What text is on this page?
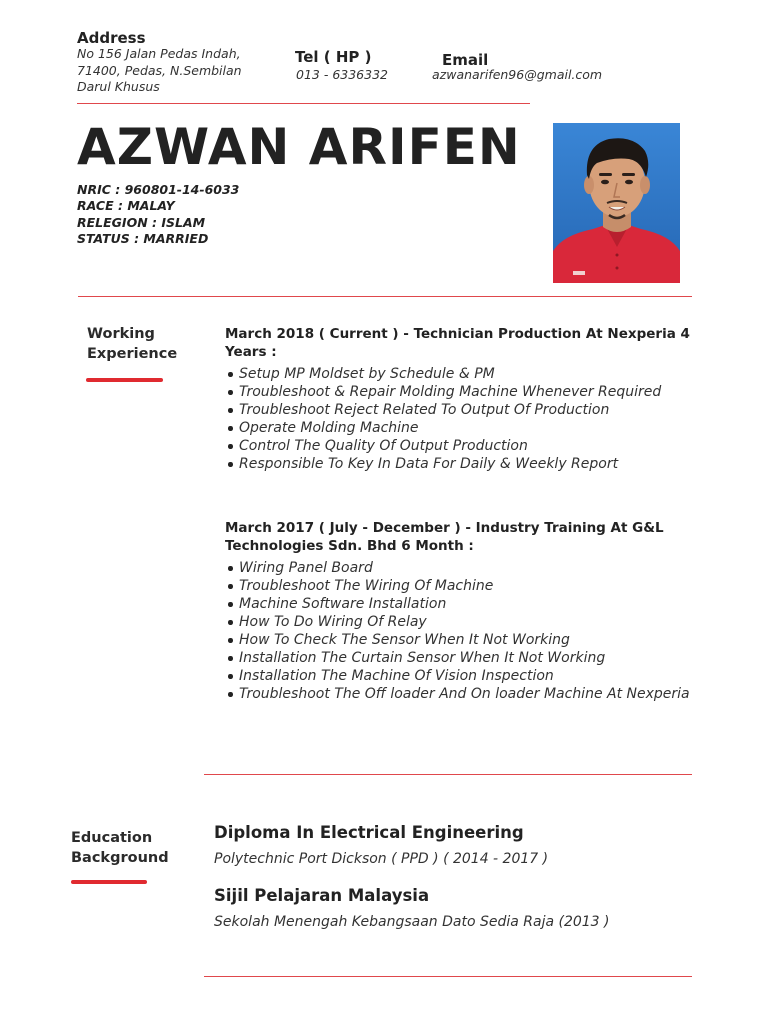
Address
No 156 Jalan Pedas Indah,
71400, Pedas, N.Sembilan
Darul Khusus
Tel ( HP )
013 - 6336332
Email
azwanarifen96@gmail.com
AZWAN ARIFEN
NRIC : 960801-14-6033
RACE : MALAY
RELEGION : ISLAM
STATUS : MARRIED
Working
Experience
March 2018 ( Current ) - Technician Production At Nexperia 4 Years :
Setup MP Moldset by Schedule & PM
Troubleshoot & Repair Molding Machine Whenever Required
Troubleshoot Reject Related To Output Of Production
Operate Molding Machine
Control The Quality Of Output Production
Responsible To Key In Data For Daily & Weekly Report
March 2017 ( July - December ) - Industry Training At G&L Technologies Sdn. Bhd 6 Month :
Wiring Panel Board
Troubleshoot The Wiring Of Machine
Machine Software Installation
How To Do Wiring Of Relay
How To Check The Sensor When It Not Working
Installation The Curtain Sensor When It Not Working
Installation The Machine Of Vision Inspection
Troubleshoot The Off loader And On loader Machine At Nexperia
Education
Background
Diploma In Electrical Engineering
Polytechnic Port Dickson ( PPD ) ( 2014 - 2017 )
Sijil Pelajaran Malaysia
Sekolah Menengah Kebangsaan Dato Sedia Raja (2013 )
